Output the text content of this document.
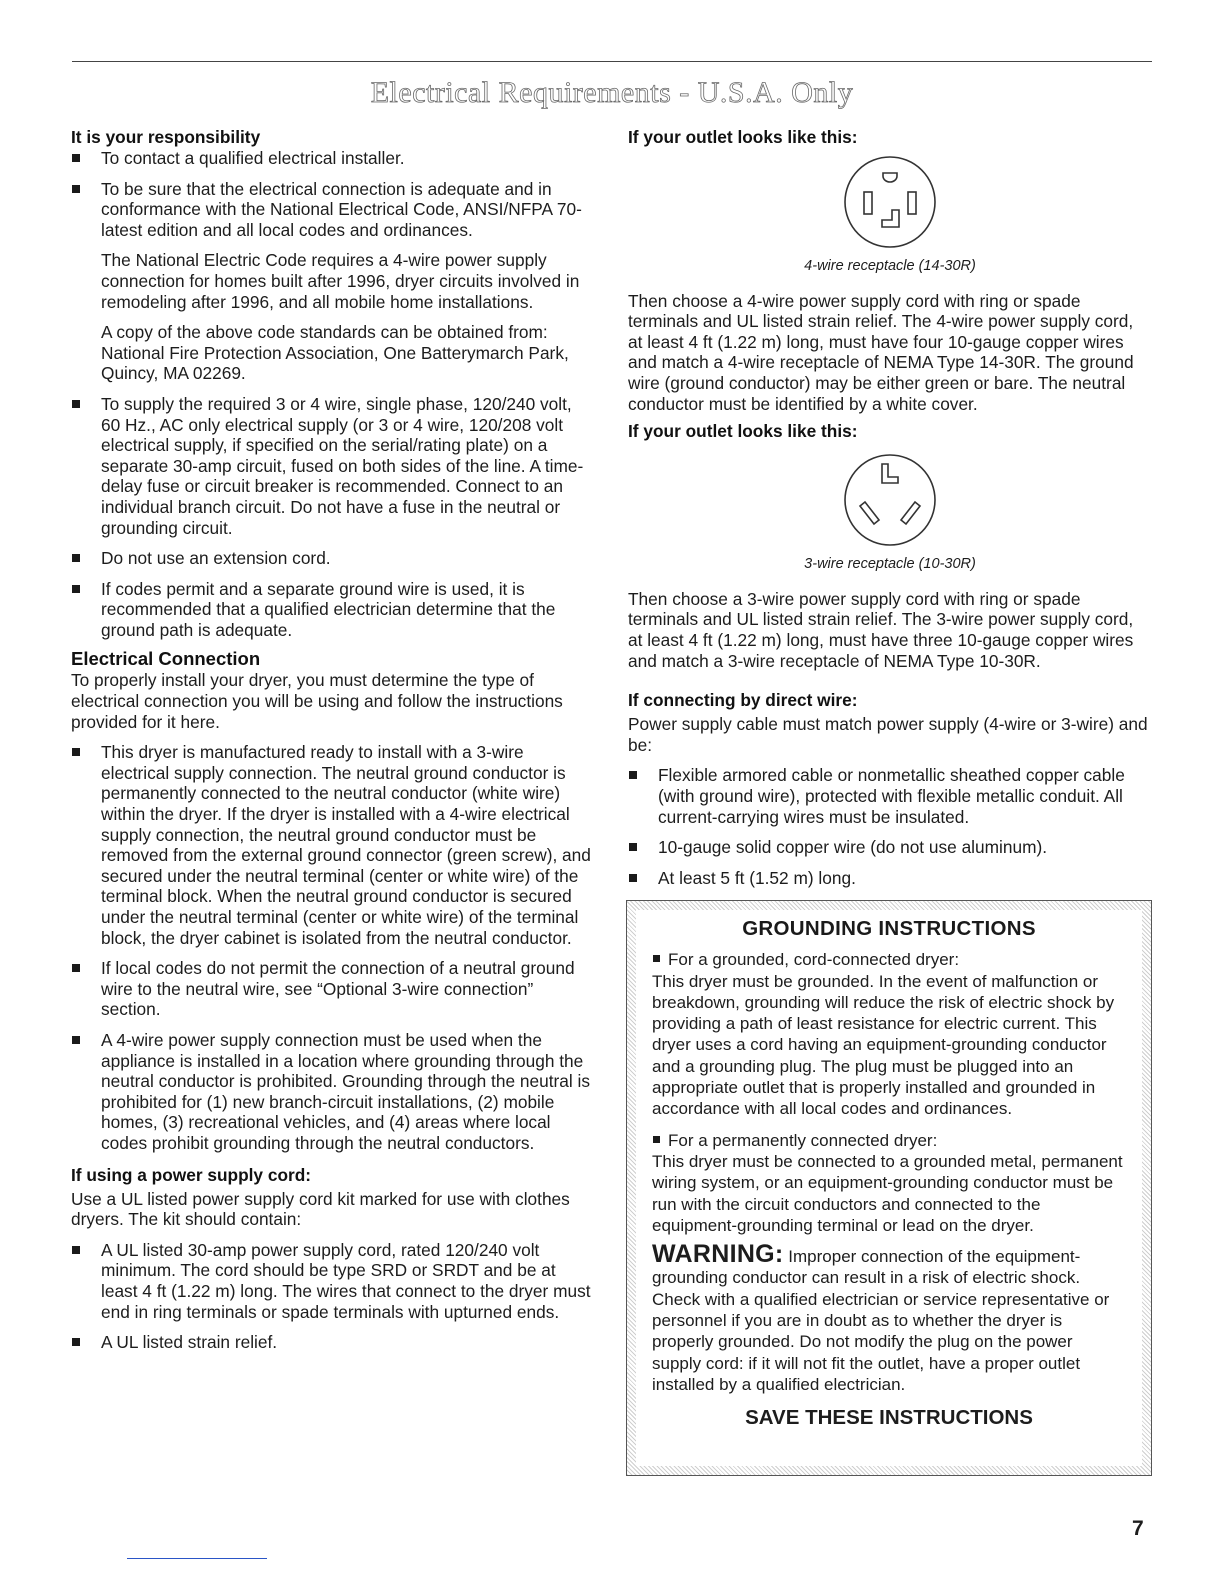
Electrical Requirements - U.S.A. Only
It is your responsibility
To contact a qualified electrical installer.
To be sure that the electrical connection is adequate and in conformance with the National Electrical Code, ANSI/NFPA 70-latest edition and all local codes and ordinances.

The National Electric Code requires a 4-wire power supply connection for homes built after 1996, dryer circuits involved in remodeling after 1996, and all mobile home installations.

A copy of the above code standards can be obtained from: National Fire Protection Association, One Batterymarch Park, Quincy, MA 02269.

To supply the required 3 or 4 wire, single phase, 120/240 volt, 60 Hz., AC only electrical supply (or 3 or 4 wire, 120/208 volt electrical supply, if specified on the serial/rating plate) on a separate 30-amp circuit, fused on both sides of the line. A time-delay fuse or circuit breaker is recommended. Connect to an individual branch circuit. Do not have a fuse in the neutral or grounding circuit.
Do not use an extension cord.
If codes permit and a separate ground wire is used, it is recommended that a qualified electrician determine that the ground path is adequate.
Electrical Connection

To properly install your dryer, you must determine the type of electrical connection you will be using and follow the instructions provided for it here.

This dryer is manufactured ready to install with a 3-wire electrical supply connection. The neutral ground conductor is permanently connected to the neutral conductor (white wire) within the dryer. If the dryer is installed with a 4-wire electrical supply connection, the neutral ground conductor must be removed from the external ground connector (green screw), and secured under the neutral terminal (center or white wire) of the terminal block. When the neutral ground conductor is secured under the neutral terminal (center or white wire) of the terminal block, the dryer cabinet is isolated from the neutral conductor.
If local codes do not permit the connection of a neutral ground wire to the neutral wire, see “Optional 3-wire connection” section.
A 4-wire power supply connection must be used when the appliance is installed in a location where grounding through the neutral conductor is prohibited. Grounding through the neutral is prohibited for (1) new branch-circuit installations, (2) mobile homes, (3) recreational vehicles, and (4) areas where local codes prohibit grounding through the neutral conductors.
If using a power supply cord:

Use a UL listed power supply cord kit marked for use with clothes dryers. The kit should contain:

A UL listed 30-amp power supply cord, rated 120/240 volt minimum. The cord should be type SRD or SRDT and be at least 4 ft (1.22 m) long. The wires that connect to the dryer must end in ring terminals or spade terminals with upturned ends.
A UL listed strain relief.
If your outlet looks like this:
4-wire receptacle (14-30R)

Then choose a 4-wire power supply cord with ring or spade terminals and UL listed strain relief. The 4-wire power supply cord, at least 4 ft (1.22 m) long, must have four 10-gauge copper wires and match a 4-wire receptacle of NEMA Type 14-30R. The ground wire (ground conductor) may be either green or bare. The neutral conductor must be identified by a white cover.

If your outlet looks like this:
3-wire receptacle (10-30R)

Then choose a 3-wire power supply cord with ring or spade terminals and UL listed strain relief. The 3-wire power supply cord, at least 4 ft (1.22 m) long, must have three 10-gauge copper wires and match a 3-wire receptacle of NEMA Type 10-30R.

If connecting by direct wire:

Power supply cable must match power supply (4-wire or 3-wire) and be:

Flexible armored cable or nonmetallic sheathed copper cable (with ground wire), protected with flexible metallic conduit. All current-carrying wires must be insulated.
10-gauge solid copper wire (do not use aluminum).
At least 5 ft (1.52 m) long.
GROUNDING INSTRUCTIONS
For a grounded, cord-connected dryer:

This dryer must be grounded. In the event of malfunction or breakdown, grounding will reduce the risk of electric shock by providing a path of least resistance for electric current. This dryer uses a cord having an equipment-grounding conductor and a grounding plug. The plug must be plugged into an appropriate outlet that is properly installed and grounded in accordance with all local codes and ordinances.

For a permanently connected dryer:

This dryer must be connected to a grounded metal, permanent wiring system, or an equipment-grounding conductor must be run with the circuit conductors and connected to the equipment-grounding terminal or lead on the dryer.

WARNING: Improper connection of the equipment-grounding conductor can result in a risk of electric shock. Check with a qualified electrician or service representative or personnel if you are in doubt as to whether the dryer is properly grounded. Do not modify the plug on the power supply cord: if it will not fit the outlet, have a proper outlet installed by a qualified electrician.

SAVE THESE INSTRUCTIONS
7
